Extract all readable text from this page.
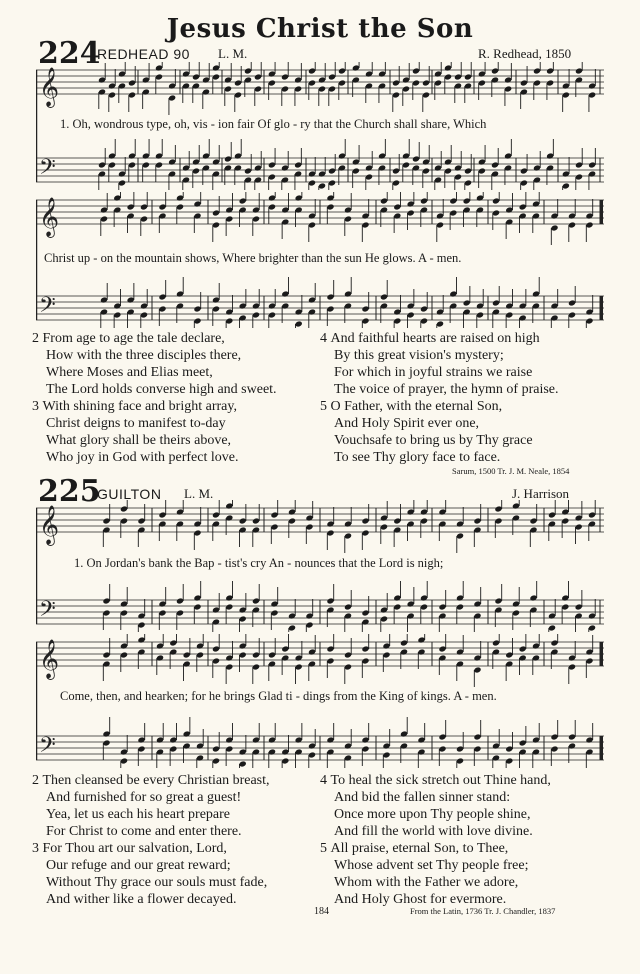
Jesus Christ the Son
224
REDHEAD 90 L. M.	R. Redhead, 1850
𝄞
𝄢
1. Oh, wondrous type, oh, vis - ion fair Of glo - ry that the Church shall share, Which
𝄞
𝄢
Christ up - on the mountain shows, Where brighter than the sun He glows. A - men.
2 From age to age the tale declare,
How with the three disciples there,
Where Moses and Elias meet,
The Lord holds converse high and sweet.
3 With shining face and bright array,
Christ deigns to manifest to-day
What glory shall be theirs above,
Who joy in God with perfect love.
4 And faithful hearts are raised on high
By this great vision's mystery;
For which in joyful strains we raise
The voice of prayer, the hymn of praise.
5 O Father, with the eternal Son,
And Holy Spirit ever one,
Vouchsafe to bring us by Thy grace
To see Thy glory face to face.
Sarum, 1500 Tr. J. M. Neale, 1854
225
GUILTON L. M.	J. Harrison
𝄞
𝄢
1. On Jordan's bank the Bap - tist's cry An - nounces that the Lord is nigh;
𝄞
𝄢
Come, then, and hearken; for he brings Glad ti - dings from the King of kings. A - men.
2 Then cleansed be every Christian breast,
And furnished for so great a guest!
Yea, let us each his heart prepare
For Christ to come and enter there.
3 For Thou art our salvation, Lord,
Our refuge and our great reward;
Without Thy grace our souls must fade,
And wither like a flower decayed.
4 To heal the sick stretch out Thine hand,
And bid the fallen sinner stand:
Once more upon Thy people shine,
And fill the world with love divine.
5 All praise, eternal Son, to Thee,
Whose advent set Thy people free;
Whom with the Father we adore,
And Holy Ghost for evermore.
184	From the Latin, 1736 Tr. J. Chandler, 1837
